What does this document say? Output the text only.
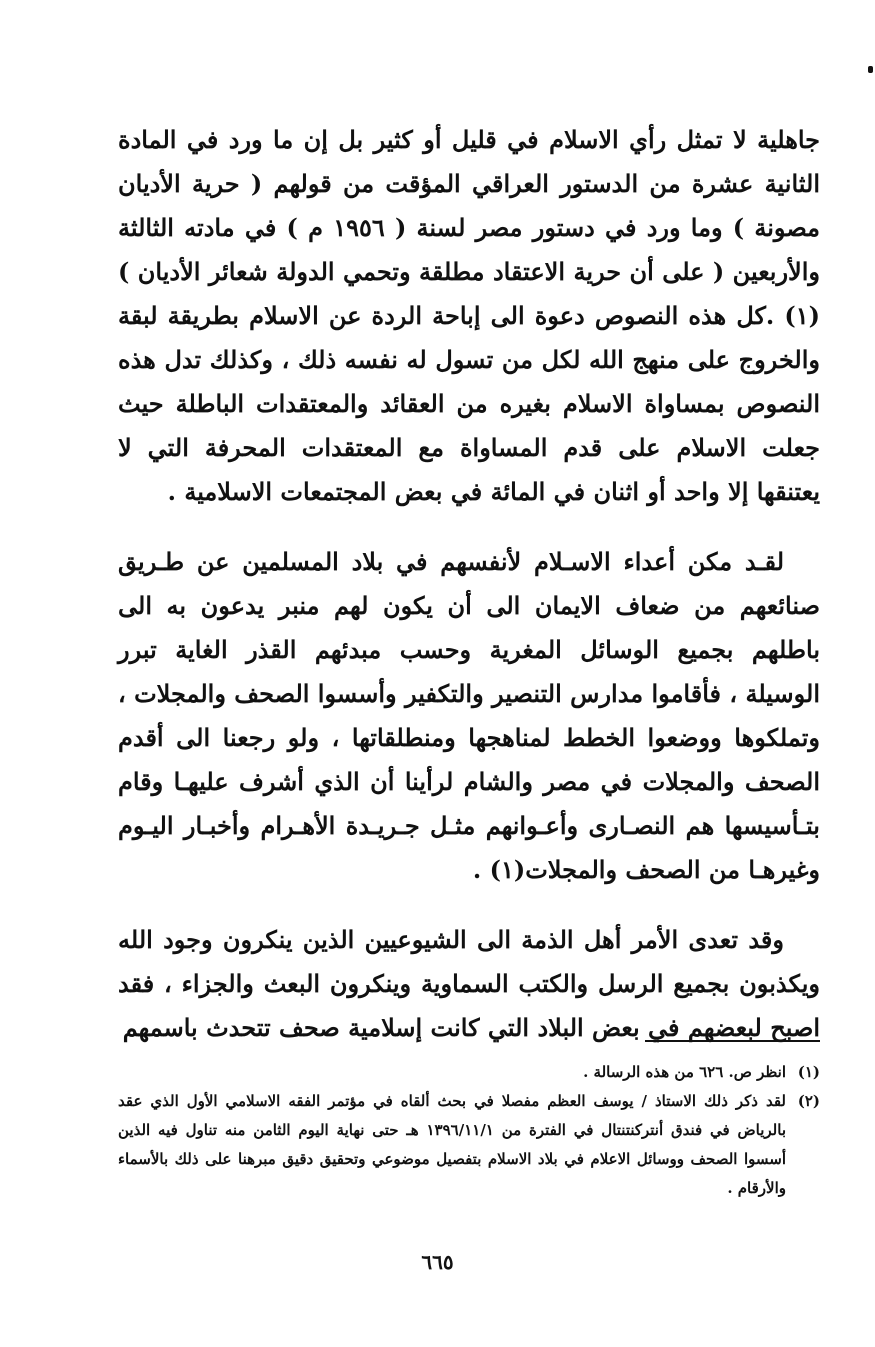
جاهلية لا تمثل رأي الاسلام في قليل أو كثير بل إن ما ورد في المادة الثانية عشرة من الدستور العراقي المؤقت من قولهم ( حرية الأديان مصونة ) وما ورد في دستور مصر لسنة ( ١٩٥٦ م ) في مادته الثالثة والأربعين ( على أن حرية الاعتقاد مطلقة وتحمي الدولة شعائر الأديان )(١) .كل هذه النصوص دعوة الى إباحة الردة عن الاسلام بطريقة لبقة والخروج على منهج الله لكل من تسول له نفسه ذلك ، وكذلك تدل هذه النصوص بمساواة الاسلام بغيره من العقائد والمعتقدات الباطلة حيث جعلت الاسلام على قدم المساواة مع المعتقدات المحرفة التي لا يعتنقها إلا واحد أو اثنان في المائة في بعض المجتمعات الاسلامية .

لقـد مكن أعداء الاسـلام لأنفسهم في بلاد المسلمين عن طـريق صنائعهم من ضعاف الايمان الى أن يكون لهم منبر يدعون به الى باطلهم بجميع الوسائل المغرية وحسب مبدئهم القذر الغاية تبرر الوسيلة ، فأقاموا مدارس التنصير والتكفير وأسسوا الصحف والمجلات ، وتملكوها ووضعوا الخطط لمناهجها ومنطلقاتها ، ولو رجعنا الى أقدم الصحف والمجلات في مصر والشام لرأينا أن الذي أشرف عليهـا وقام بتـأسيسها هم النصـارى وأعـوانهم مثـل جـريـدة الأهـرام وأخبـار اليـوم وغيرهـا من الصحف والمجلات(١) .

وقد تعدى الأمر أهل الذمة الى الشيوعيين الذين ينكرون وجود الله ويكذبون بجميع الرسل والكتب السماوية وينكرون البعث والجزاء ، فقد اصبح لبعضهم في بعض البلاد التي كانت إسلامية صحف تتحدث باسمهم

(١)
انظر ص. ٦٢٦ من هذه الرسالة .
(٢)
لقد ذكر ذلك الاستاذ / يوسف العظم مفصلا في بحث ألقاه في مؤتمر الفقه الاسلامي الأول الذي عقد بالرياض في فندق أنتركنتنتال في الفترة من ١٣٩٦/١١/١ هـ حتى نهاية اليوم الثامن منه تناول فيه الذين أسسوا الصحف ووسائل الاعلام في بلاد الاسلام بتفصيل موضوعي وتحقيق دقيق مبرهنا على ذلك بالأسماء والأرقام .
٦٦٥
